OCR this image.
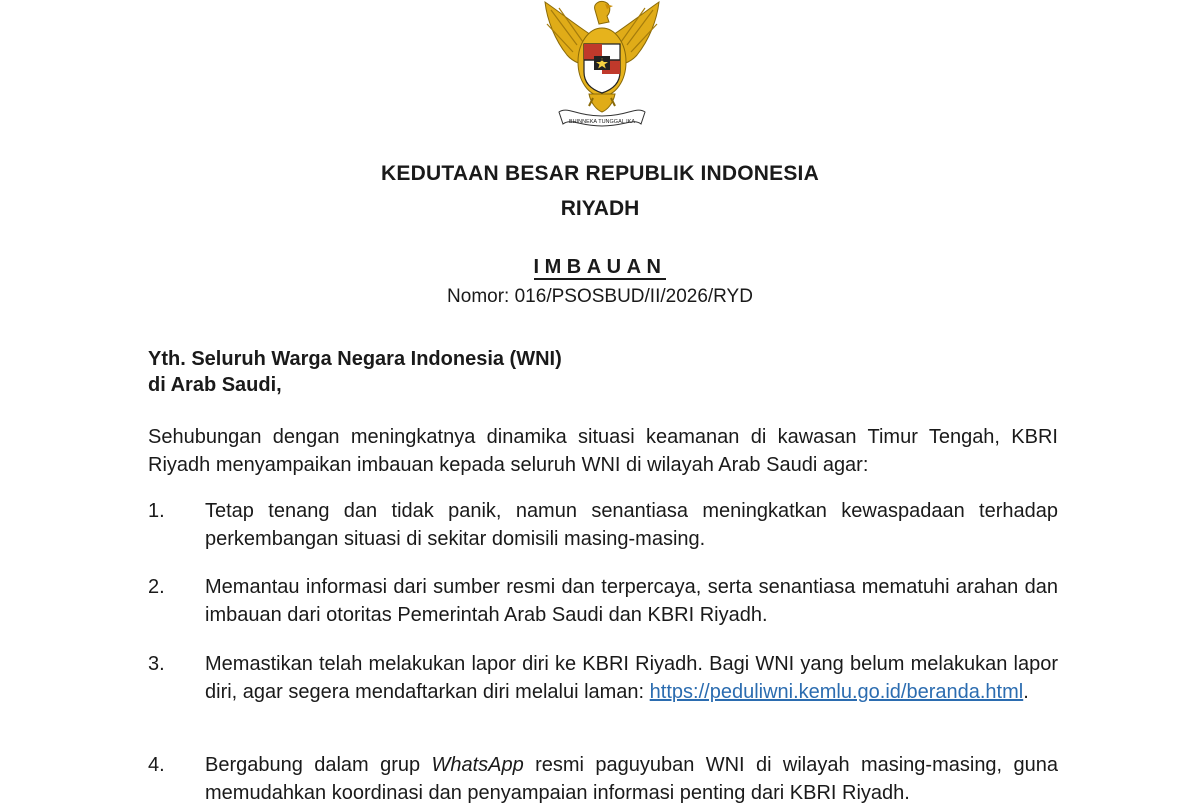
BHINNEKA TUNGGAL IKA
KEDUTAAN BESAR REPUBLIK INDONESIA
RIYADH
IMBAUAN
Nomor: 016/PSOSBUD/II/2026/RYD
Yth. Seluruh Warga Negara Indonesia (WNI)
di Arab Saudi,
Sehubungan dengan meningkatnya dinamika situasi keamanan di kawasan Timur Tengah, KBRI Riyadh menyampaikan imbauan kepada seluruh WNI di wilayah Arab Saudi agar:
1. Tetap tenang dan tidak panik, namun senantiasa meningkatkan kewaspadaan terhadap perkembangan situasi di sekitar domisili masing-masing.
2. Memantau informasi dari sumber resmi dan terpercaya, serta senantiasa mematuhi arahan dan imbauan dari otoritas Pemerintah Arab Saudi dan KBRI Riyadh.
3. Memastikan telah melakukan lapor diri ke KBRI Riyadh. Bagi WNI yang belum melakukan lapor diri, agar segera mendaftarkan diri melalui laman: https://peduliwni.kemlu.go.id/beranda.html.
4. Bergabung dalam grup WhatsApp resmi paguyuban WNI di wilayah masing-masing, guna memudahkan koordinasi dan penyampaian informasi penting dari KBRI Riyadh.
